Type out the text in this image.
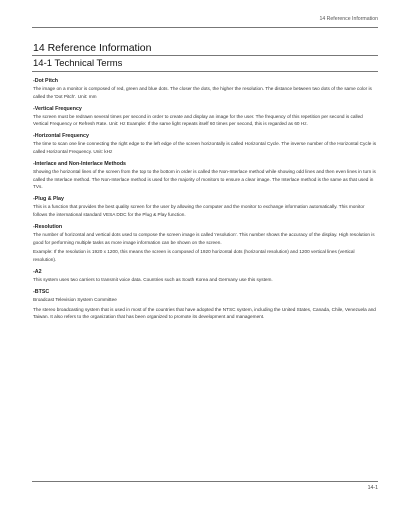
14 Reference Information
14 Reference Information
14-1 Technical Terms
-Dot Pitch

The image on a monitor is composed of red, green and blue dots. The closer the dots, the higher the resolution. The distance between two dots of the same color is called the 'Dot Pitch'. Unit: mm

-Vertical Frequency

The screen must be redrawn several times per second in order to create and display an image for the user. The frequency of this repetition per second is called Vertical Frequency or Refresh Rate. Unit: Hz Example: If the same light repeats itself 60 times per second, this is regarded as 60 Hz.

-Horizontal Frequency

The time to scan one line connecting the right edge to the left edge of the screen horizontally is called Horizontal Cycle. The inverse number of the Horizontal Cycle is called Horizontal Frequency. Unit: kHz

-Interlace and Non-Interlace Methods

Showing the horizontal lines of the screen from the top to the bottom in order is called the Non-Interlace method while showing odd lines and then even lines in turn is called the Interlace method. The Non-Interlace method is used for the majority of monitors to ensure a clear image. The Interlace method is the same as that used in TVs.

-Plug & Play

This is a function that provides the best quality screen for the user by allowing the computer and the monitor to exchange information automatically. This monitor follows the international standard VESA DDC for the Plug & Play function.

-Resolution

The number of horizontal and vertical dots used to compose the screen image is called 'resolution'. This number shows the accuracy of the display. High resolution is good for performing multiple tasks as more image information can be shown on the screen.

Example: If the resolution is 1920 x 1200, this means the screen is composed of 1920 horizontal dots (horizontal resolution) and 1200 vertical lines (vertical resolution).

-A2

This system uses two carriers to transmit voice data. Countries such as South Korea and Germany use this system.

-BTSC

Broadcast Television System Committee

The stereo broadcasting system that is used in most of the countries that have adopted the NTSC system, including the United States, Canada, Chile, Venezuela and Taiwan. It also refers to the organization that has been organized to promote its development and management.

14-1
